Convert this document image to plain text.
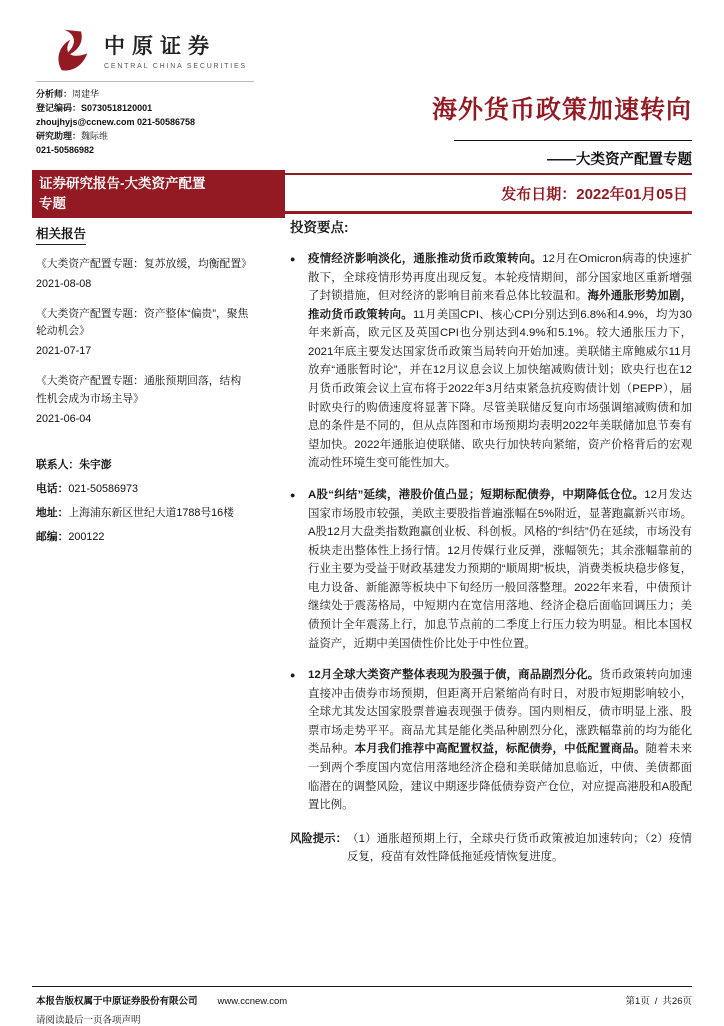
中原证券
CENTRAL CHINA SECURITIES
分析师：周建华
登记编码：S0730518120001
zhoujhyjs@ccnew.com 021-50586758
研究助理：魏际维
021-50586982
海外货币政策加速转向
——大类资产配置专题
证券研究报告-大类资产配置
专题
发布日期：2022年01月05日
相关报告
《大类资产配置专题：复苏放缓，均衡配置》
2021-08-08
《大类资产配置专题：资产整体“偏贵”，聚焦轮动机会》
2021-07-17
《大类资产配置专题：通胀预期回落，结构性机会成为市场主导》
2021-06-04
联系人： 朱宇澎
电话： 021-50586973
地址： 上海浦东新区世纪大道1788号16楼
邮编： 200122
投资要点:
●	疫情经济影响淡化，通胀推动货币政策转向。12月在Omicron病毒的快速扩散下，全球疫情形势再度出现反复。本轮疫情期间，部分国家地区重新增强了封锁措施，但对经济的影响目前来看总体比较温和。海外通胀形势加剧，推动货币政策转向。11月美国CPI、核心CPI分别达到6.8%和4.9%，均为30年来新高，欧元区及英国CPI也分别达到4.9%和5.1%。较大通胀压力下，2021年底主要发达国家货币政策当局转向开始加速。美联储主席鲍威尔11月放弃“通胀暂时论”，并在12月议息会议上加快缩减购债计划；欧央行也在12月货币政策会议上宣布将于2022年3月结束紧急抗疫购债计划（PEPP），届时欧央行的购债速度将显著下降。尽管美联储反复向市场强调缩减购债和加息的条件是不同的，但从点阵图和市场预期均表明2022年美联储加息节奏有望加快。2022年通胀迫使联储、欧央行加快转向紧缩，资产价格背后的宏观流动性环境生变可能性加大。

●	A股“纠结”延续，港股价值凸显；短期标配债券，中期降低仓位。12月发达国家市场股市较强，美欧主要股指普遍涨幅在5%附近，显著跑赢新兴市场。A股12月大盘类指数跑赢创业板、科创板。风格的“纠结”仍在延续，市场没有板块走出整体性上扬行情。12月传媒行业反弹，涨幅领先；其余涨幅靠前的行业主要为受益于财政基建发力预期的“顺周期”板块，消费类板块稳步修复，电力设备、新能源等板块中下旬经历一般回落整理。2022年来看，中债预计继续处于震荡格局，中短期内在宽信用落地、经济企稳后面临回调压力；美债预计全年震荡上行，加息节点前的二季度上行压力较为明显。相比本国权益资产，近期中美国债性价比处于中性位置。

●	12月全球大类资产整体表现为股强于债，商品剧烈分化。货币政策转向加速直接冲击债券市场预期，但距离开启紧缩尚有时日，对股市短期影响较小，全球尤其发达国家股票普遍表现强于债券。国内则相反，债市明显上涨、股票市场走势平平。商品尤其是能化类品种剧烈分化，涨跌幅靠前的均为能化类品种。本月我们推荐中高配置权益，标配债券，中低配置商品。随着未来一到两个季度国内宽信用落地经济企稳和美联储加息临近，中债、美债都面临潜在的调整风险，建议中期逐步降低债券资产仓位，对应提高港股和A股配置比例。

风险提示： （1）通胀超预期上行，全球央行货币政策被迫加速转向；（2）疫情反复，疫苗有效性降低拖延疫情恢复进度。

本报告版权属于中原证券股份有限公司 www.ccnew.com	第1页 / 共26页
请阅读最后一页各项声明
